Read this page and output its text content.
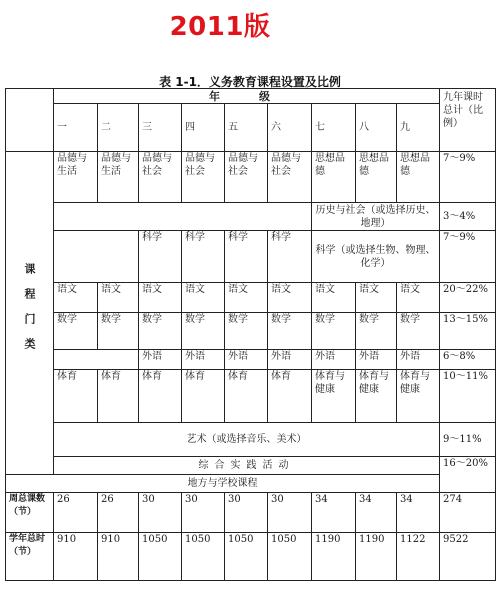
2011版
表 1-1．义务教育课程设置及比例
	年　级									九年课时总计（比例）
	一	二	三	四	五	六	七	八	九	

课程门类	品德与生活	品德与生活	品德与社会	品德与社会	品德与社会	品德与社会	思想品德	思想品德	思想品德	7～9%
							历史与社会（或选择历史、地理）			3～4%
			科学	科学	科学	科学	科学（或选择生物、物理、化学）			7～9%
	语文	语文	语文	语文	语文	语文	语文	语文	语文	20～22%
	数学	数学	数学	数学	数学	数学	数学	数学	数学	13～15%
			外语	外语	外语	外语	外语	外语	外语	6～8%
	体育	体育	体育	体育	体育	体育	体育与健康	体育与健康	体育与健康	10～11%
	艺术（或选择音乐、美术）									9～11%
	综合实践活动									16～20%
地方与学校课程										
周总课数（节）	26	26	30	30	30	30	34	34	34	274
学年总时（节）	910	910	1050	1050	1050	1050	1190	1190	1122	9522
